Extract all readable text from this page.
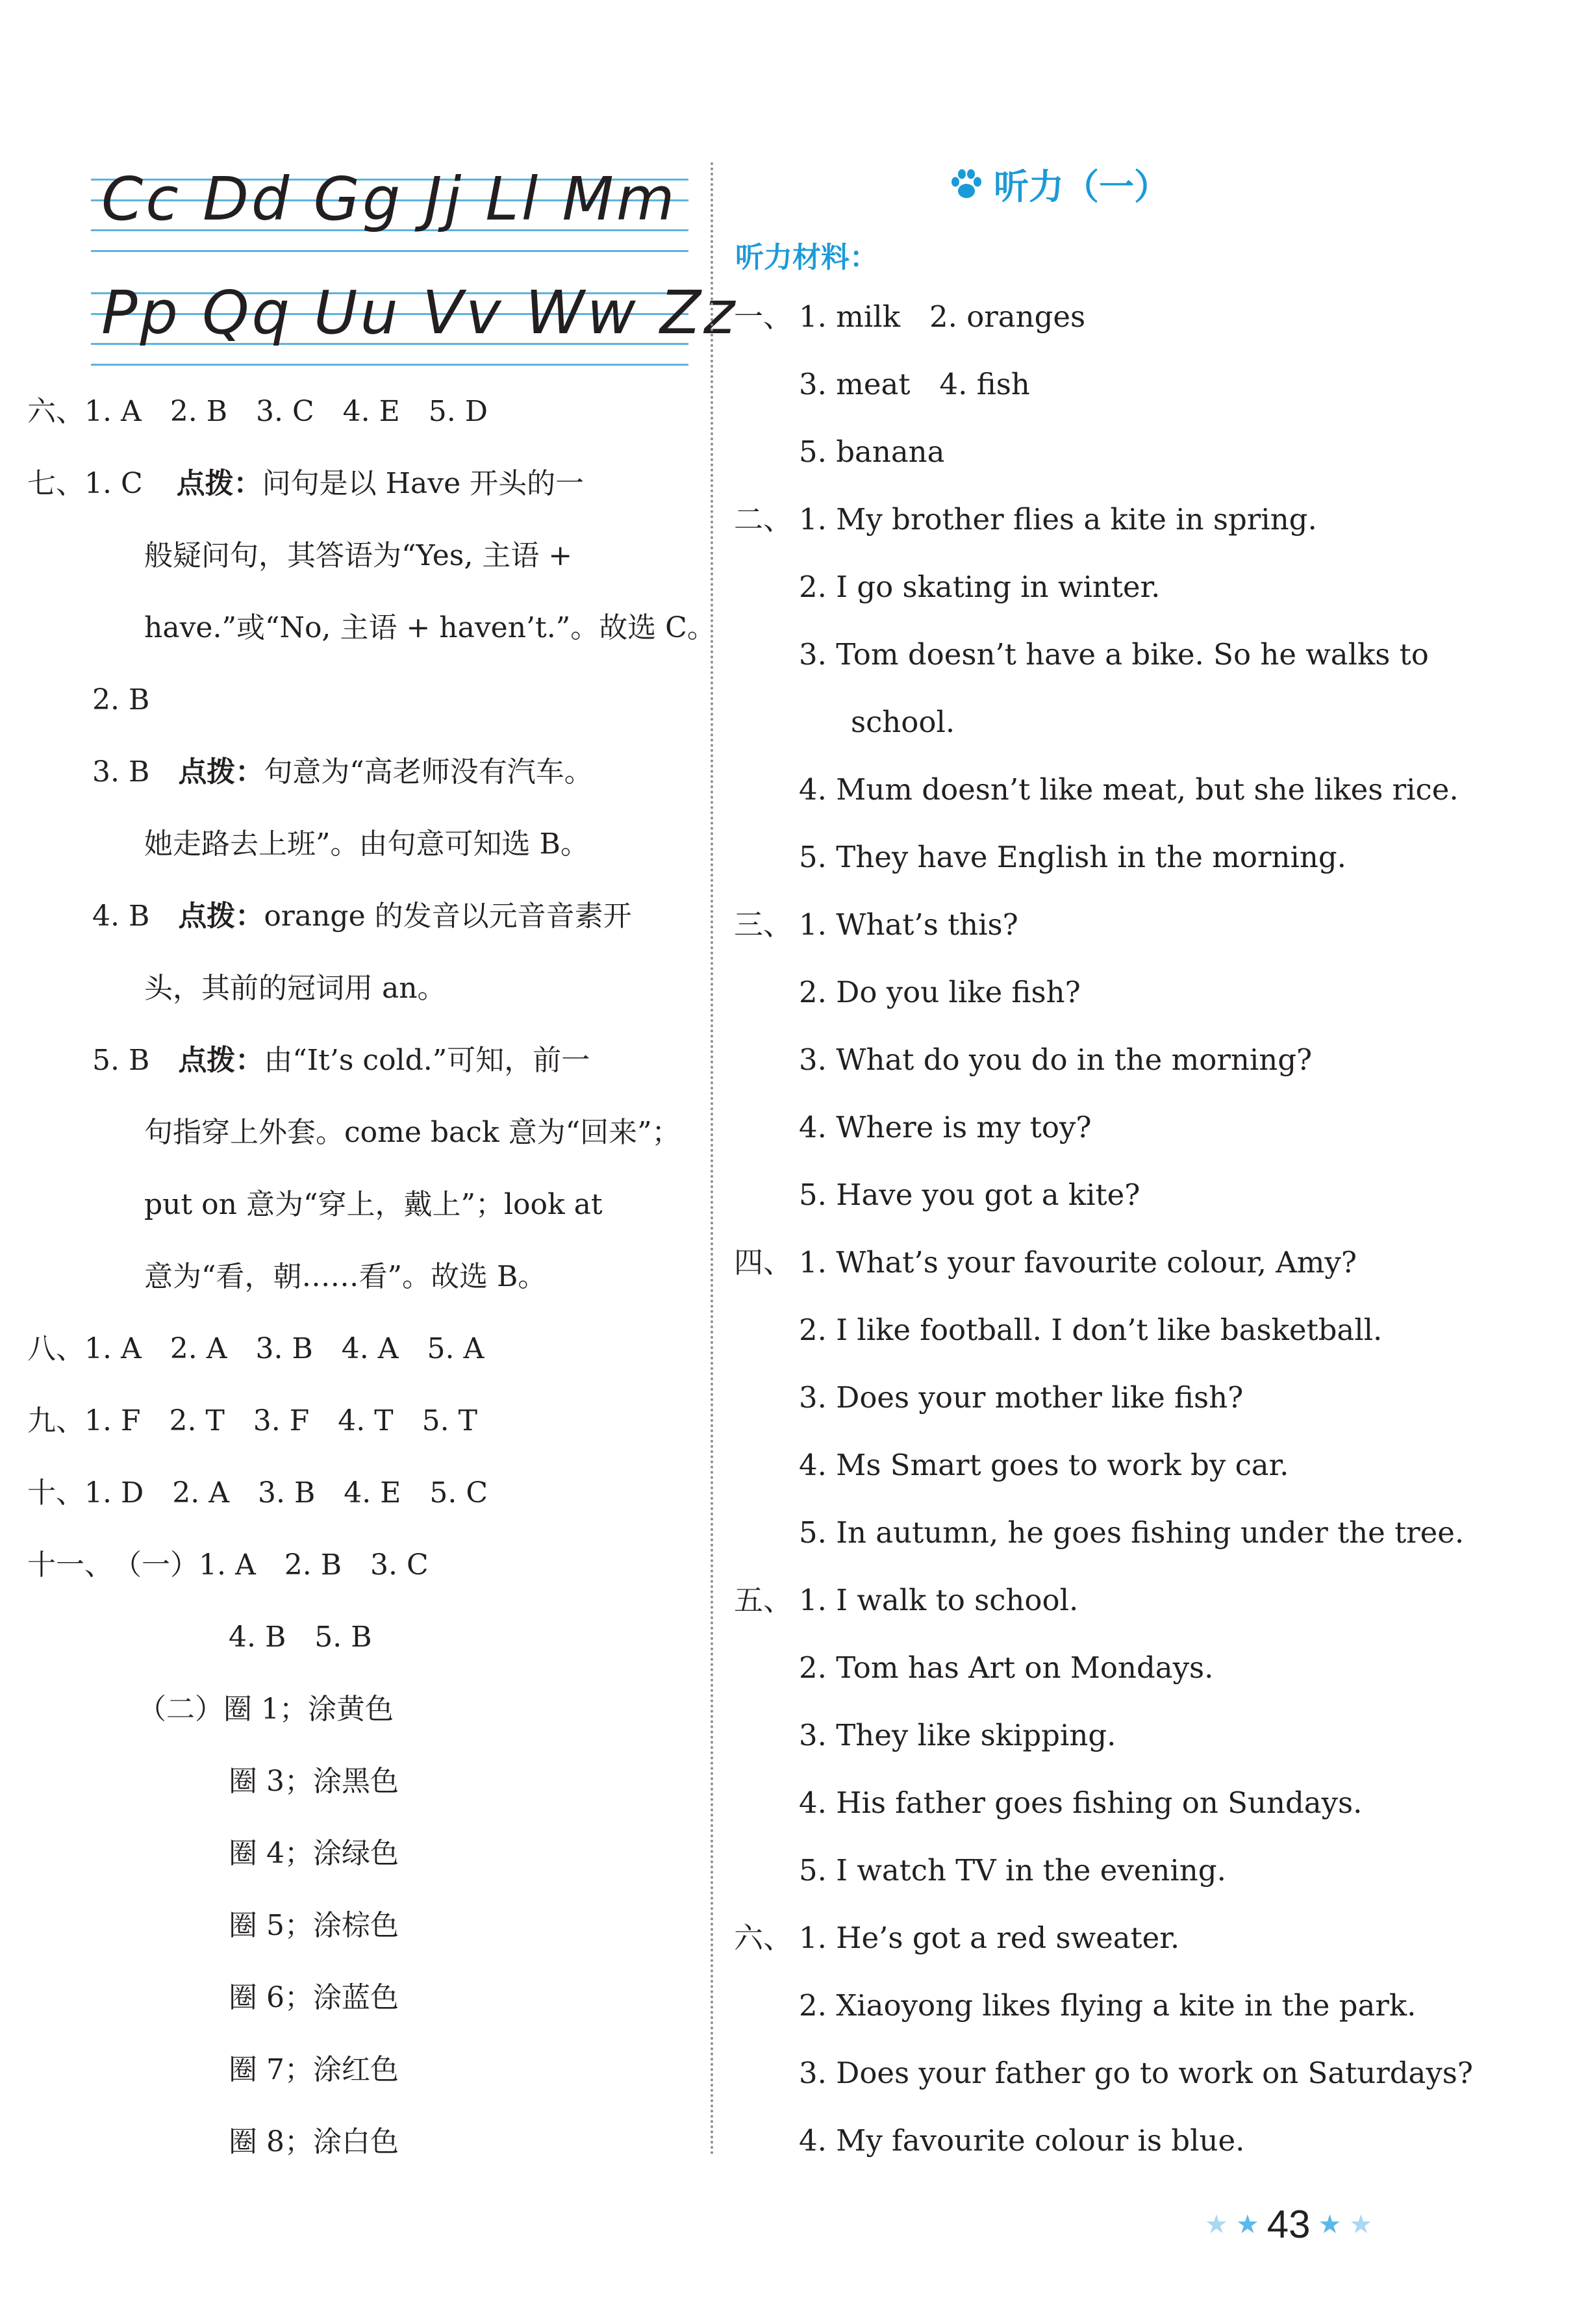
Cc Dd Gg Jj Ll Mm
Pp Qq Uu Vv Ww Zz
六、1. A　2. B　3. C　4. E　5. D
七、1. C 点拨：问句是以 Have 开头的一
般疑问句，其答语为“Yes, 主语 +
have.”或“No, 主语 + haven’t.”。故选 C。
2. B
3. B 点拨：句意为“高老师没有汽车。
她走路去上班”。由句意可知选 B。
4. B 点拨：orange 的发音以元音音素开
头，其前的冠词用 an。
5. B 点拨：由“It’s cold.”可知，前一
句指穿上外套。come back 意为“回来”；
put on 意为“穿上，戴上”；look at
意为“看，朝……看”。故选 B。
八、1. A　2. A　3. B　4. A　5. A
九、1. F　2. T　3. F　4. T　5. T
十、1. D　2. A　3. B　4. E　5. C
十一、（一）1. A　2. B　3. C
4. B　5. B
（二）圈 1；涂黄色
圈 3；涂黑色
圈 4；涂绿色
圈 5；涂棕色
圈 6；涂蓝色
圈 7；涂红色
圈 8；涂白色
听力（一）
听力材料：
一、 1. milk　2. oranges
3. meat　4. fish
5. banana
二、 1. My brother flies a kite in spring.
2. I go skating in winter.
3. Tom doesn’t have a bike. So he walks to
school.
4. Mum doesn’t like meat, but she likes rice.
5. They have English in the morning.
三、 1. What’s this?
2. Do you like fish?
3. What do you do in the morning?
4. Where is my toy?
5. Have you got a kite?
四、 1. What’s your favourite colour, Amy?
2. I like football. I don’t like basketball.
3. Does your mother like fish?
4. Ms Smart goes to work by car.
5. In autumn, he goes fishing under the tree.
五、 1. I walk to school.
2. Tom has Art on Mondays.
3. They like skipping.
4. His father goes fishing on Sundays.
5. I watch TV in the evening.
六、 1. He’s got a red sweater.
2. Xiaoyong likes flying a kite in the park.
3. Does your father go to work on Saturdays?
4. My favourite colour is blue.
★ ★ 43 ★ ★
